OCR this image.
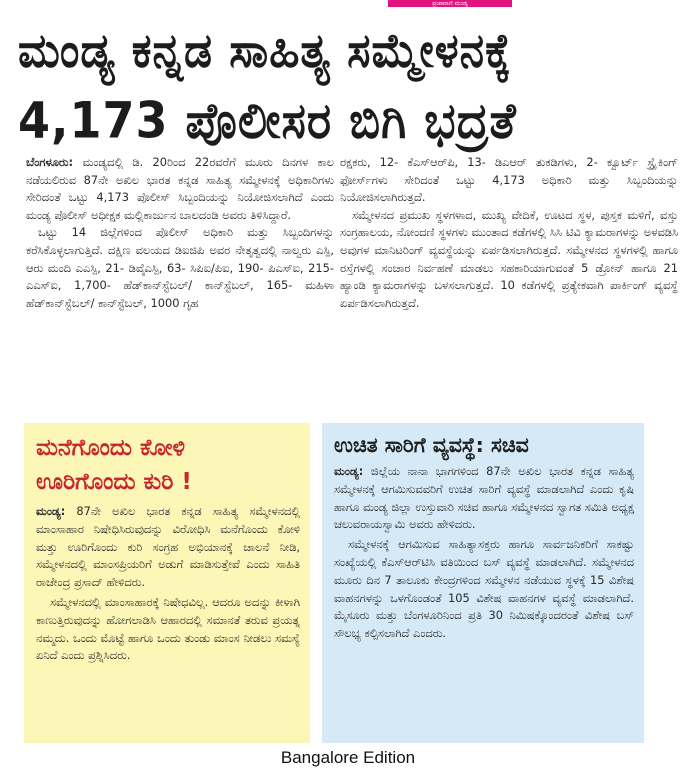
ಪ್ರಜಾವಾಣಿ ಮಂಡ್ಯ
ಮಂಡ್ಯ ಕನ್ನಡ ಸಾಹಿತ್ಯ ಸಮ್ಮೇಳನಕ್ಕೆ
4,173 ಪೊಲೀಸರ ಬಿಗಿ ಭದ್ರತೆ

ಬೆಂಗಳೂರು: ಮಂಡ್ಯದಲ್ಲಿ ಡಿ. 20ರಿಂದ 22ರವರೆಗೆ ಮೂರು ದಿನಗಳ ಕಾಲ ನಡೆಯಲಿರುವ 87ನೇ ಅಖಿಲ ಭಾರತ ಕನ್ನಡ ಸಾಹಿತ್ಯ ಸಮ್ಮೇಳನಕ್ಕೆ ಅಧಿಕಾರಿಗಳು ಸೇರಿದಂತೆ ಒಟ್ಟು 4,173 ಪೊಲೀಸ್ ಸಿಬ್ಬಂದಿಯನ್ನು ನಿಯೋಜಿಸಲಾಗಿದೆ ಎಂದು ಮಂಡ್ಯ ಪೊಲೀಸ್ ಅಧೀಕ್ಷಕ ಮಲ್ಲಿಕಾರ್ಜುನ ಬಾಲದಂಡಿ ಅವರು ತಿಳಿಸಿದ್ದಾರೆ.

ಒಟ್ಟು 14 ಜಿಲ್ಲೆಗಳಿಂದ ಪೊಲೀಸ್ ಅಧಿಕಾರಿ ಮತ್ತು ಸಿಬ್ಬಂದಿಗಳನ್ನು ಕರೆಸಿಕೊಳ್ಳಲಾಗುತ್ತಿದೆ. ದಕ್ಷಿಣ ವಲಯದ ಡಿಐಜಿಪಿ ಅವರ ನೇತೃತ್ವದಲ್ಲಿ ನಾಲ್ವರು ಎಸ್ಪಿ, ಆರು ಮಂದಿ ಎಎಸ್ಪಿ, 21- ಡಿವೈಎಸ್ಪಿ, 63- ಸಿಪಿಐ/ಪಿಐ, 190- ಪಿಎಸ್ಐ, 215- ಎಎಸ್ಐ, 1,700- ಹೆಡ್‌ಕಾನ್‌ಸ್ಟೆಬಲ್/ ಕಾನ್‌ಸ್ಟೆಬಲ್, 165- ಮಹಿಳಾ ಹೆಡ್‌ಕಾನ್‌ಸ್ಟೆಬಲ್/ ಕಾನ್‌ಸ್ಟೆಬಲ್, 1000 ಗೃಹ

ರಕ್ಷಕರು, 12- ಕೆಎಸ್‌ಆರ್‌ಪಿ, 13- ಡಿಎಆರ್ ತುಕಡಿಗಳು, 2- ಕ್ವೂರ್ಟ್ ಸ್ಟ್ರೈಕಿಂಗ್ ಫೋರ್ಸ್‌ಗಳು ಸೇರಿದಂತೆ ಒಟ್ಟು 4,173 ಅಧಿಕಾರಿ ಮತ್ತು ಸಿಬ್ಬಂದಿಯನ್ನು ನಿಯೋಜಿಸಲಾಗಿರುತ್ತದೆ.

ಸಮ್ಮೇಳನದ ಪ್ರಮುಖ ಸ್ಥಳಗಳಾದ, ಮುಖ್ಯ ವೇದಿಕೆ, ಊಟದ ಸ್ಥಳ, ಪುಸ್ತಕ ಮಳಿಗೆ, ವಸ್ತು ಸಂಗ್ರಹಾಲಯ, ನೋಂದಣಿ ಸ್ಥಳಗಳು ಮುಂತಾದ ಕಡೆಗಳಲ್ಲಿ ಸಿಸಿ ಟಿವಿ ಕ್ಯಾಮರಾಗಳನ್ನು ಅಳವಡಿಸಿ ಅವುಗಳ ಮಾನಿಟರಿಂಗ್ ವ್ಯವಸ್ಥೆಯನ್ನು ಏರ್ಪಡಿಸಲಾಗಿರುತ್ತದೆ. ಸಮ್ಮೇಳನದ ಸ್ಥಳಗಳಲ್ಲಿ ಹಾಗೂ ರಸ್ತೆಗಳಲ್ಲಿ ಸಂಚಾರ ನಿರ್ವಹಣೆ ಮಾಡಲು ಸಹಕಾರಿಯಾಗುವಂತೆ 5 ಡ್ರೋನ್ ಹಾಗೂ 21 ಹ್ಯಾಂಡಿ ಕ್ಯಾಮರಾಗಳನ್ನು ಬಳಸಲಾಗುತ್ತದೆ. 10 ಕಡೆಗಳಲ್ಲಿ ಪ್ರತ್ಯೇಕವಾಗಿ ಪಾರ್ಕಿಂಗ್ ವ್ಯವಸ್ಥೆ ಏರ್ಪಡಿಸಲಾಗಿರುತ್ತದೆ.

ಮನೆಗೊಂದು ಕೋಳಿ
ಊರಿಗೊಂದು ಕುರಿ !

ಮಂಡ್ಯ: 87ನೇ ಅಖಿಲ ಭಾರತ ಕನ್ನಡ ಸಾಹಿತ್ಯ ಸಮ್ಮೇಳನದಲ್ಲಿ ಮಾಂಸಾಹಾರ ನಿಷೇಧಿಸಿರುವುದನ್ನು ವಿರೋಧಿಸಿ ಮನೆಗೊಂದು ಕೋಳಿ ಮತ್ತು ಊರಿಗೊಂದು ಕುರಿ ಸಂಗ್ರಹ ಅಭಿಯಾನಕ್ಕೆ ಚಾಲನೆ ನೀಡಿ, ಸಮ್ಮೇಳನದಲ್ಲಿ ಮಾಂಸಪ್ರಿಯರಿಗೆ ಅಡುಗೆ ಮಾಡಿಸುತ್ತೇವೆ ಎಂದು ಸಾಹಿತಿ ರಾಜೇಂದ್ರ ಪ್ರಸಾದ್ ಹೇಳಿದರು.

ಸಮ್ಮೇಳನದಲ್ಲಿ ಮಾಂಸಾಹಾರಕ್ಕೆ ನಿಷೇಧವಿಲ್ಲ. ಆದರೂ ಅದನ್ನು ಕೀಳಾಗಿ ಕಾಣುತ್ತಿರುವುದನ್ನು ಹೋಗಲಾಡಿಸಿ ಆಹಾರದಲ್ಲಿ ಸಮಾನತೆ ತರುವ ಪ್ರಯತ್ನ ನಮ್ಮದು. ಒಂದು ಮೊಟ್ಟೆ ಹಾಗೂ ಒಂದು ತುಂಡು ಮಾಂಸ ನೀಡಲು ಸಮಸ್ಯೆ ಏನಿದೆ ಎಂದು ಪ್ರಶ್ನಿಸಿದರು.

ಉಚಿತ ಸಾರಿಗೆ ವ್ಯವಸ್ಥೆ: ಸಚಿವ

ಮಂಡ್ಯ: ಜಿಲ್ಲೆಯ ನಾನಾ ಭಾಗಗಳಿಂದ 87ನೇ ಅಖಿಲ ಭಾರತ ಕನ್ನಡ ಸಾಹಿತ್ಯ ಸಮ್ಮೇಳನಕ್ಕೆ ಆಗಮಿಸುವವರಿಗೆ ಉಚಿತ ಸಾರಿಗೆ ವ್ಯವಸ್ಥೆ ಮಾಡಲಾಗಿದೆ ಎಂದು ಕೃಷಿ ಹಾಗೂ ಮಂಡ್ಯ ಜಿಲ್ಲಾ ಉಸ್ತುವಾರಿ ಸಚಿವ ಹಾಗೂ ಸಮ್ಮೇಳನದ ಸ್ವಾಗತ ಸಮಿತಿ ಅಧ್ಯಕ್ಷ ಚಲುವರಾಯಸ್ವಾಮಿ ಅವರು ಹೇಳಿದರು.

ಸಮ್ಮೇಳನಕ್ಕೆ ಆಗಮಿಸುವ ಸಾಹಿತ್ಯಾಸಕ್ತರು ಹಾಗೂ ಸಾರ್ವಜನಿಕರಿಗೆ ಸಾಕಷ್ಟು ಸಂಖ್ಯೆಯಲ್ಲಿ ಕೆಎಸ್‌ಆರ್‌ಟಿಸಿ ವತಿಯಿಂದ ಬಸ್ ವ್ಯವಸ್ಥೆ ಮಾಡಲಾಗಿದೆ. ಸಮ್ಮೇಳನದ ಮೂರು ದಿನ 7 ತಾಲೂಕು ಕೇಂದ್ರಗಳಿಂದ ಸಮ್ಮೇಳನ ನಡೆಯುವ ಸ್ಥಳಕ್ಕೆ 15 ವಿಶೇಷ ವಾಹನಗಳನ್ನು ಒಳಗೊಂಡಂತೆ 105 ವಿಶೇಷ ವಾಹನಗಳ ವ್ಯವಸ್ಥೆ ಮಾಡಲಾಗಿದೆ. ಮೈಸೂರು ಮತ್ತು ಬೆಂಗಳೂರಿನಿಂದ ಪ್ರತಿ 30 ನಿಮಿಷಕ್ಕೊಂದರಂತೆ ವಿಶೇಷ ಬಸ್ ಸೌಲಭ್ಯ ಕಲ್ಪಿಸಲಾಗಿದೆ ಎಂದರು.

Bangalore Edition
